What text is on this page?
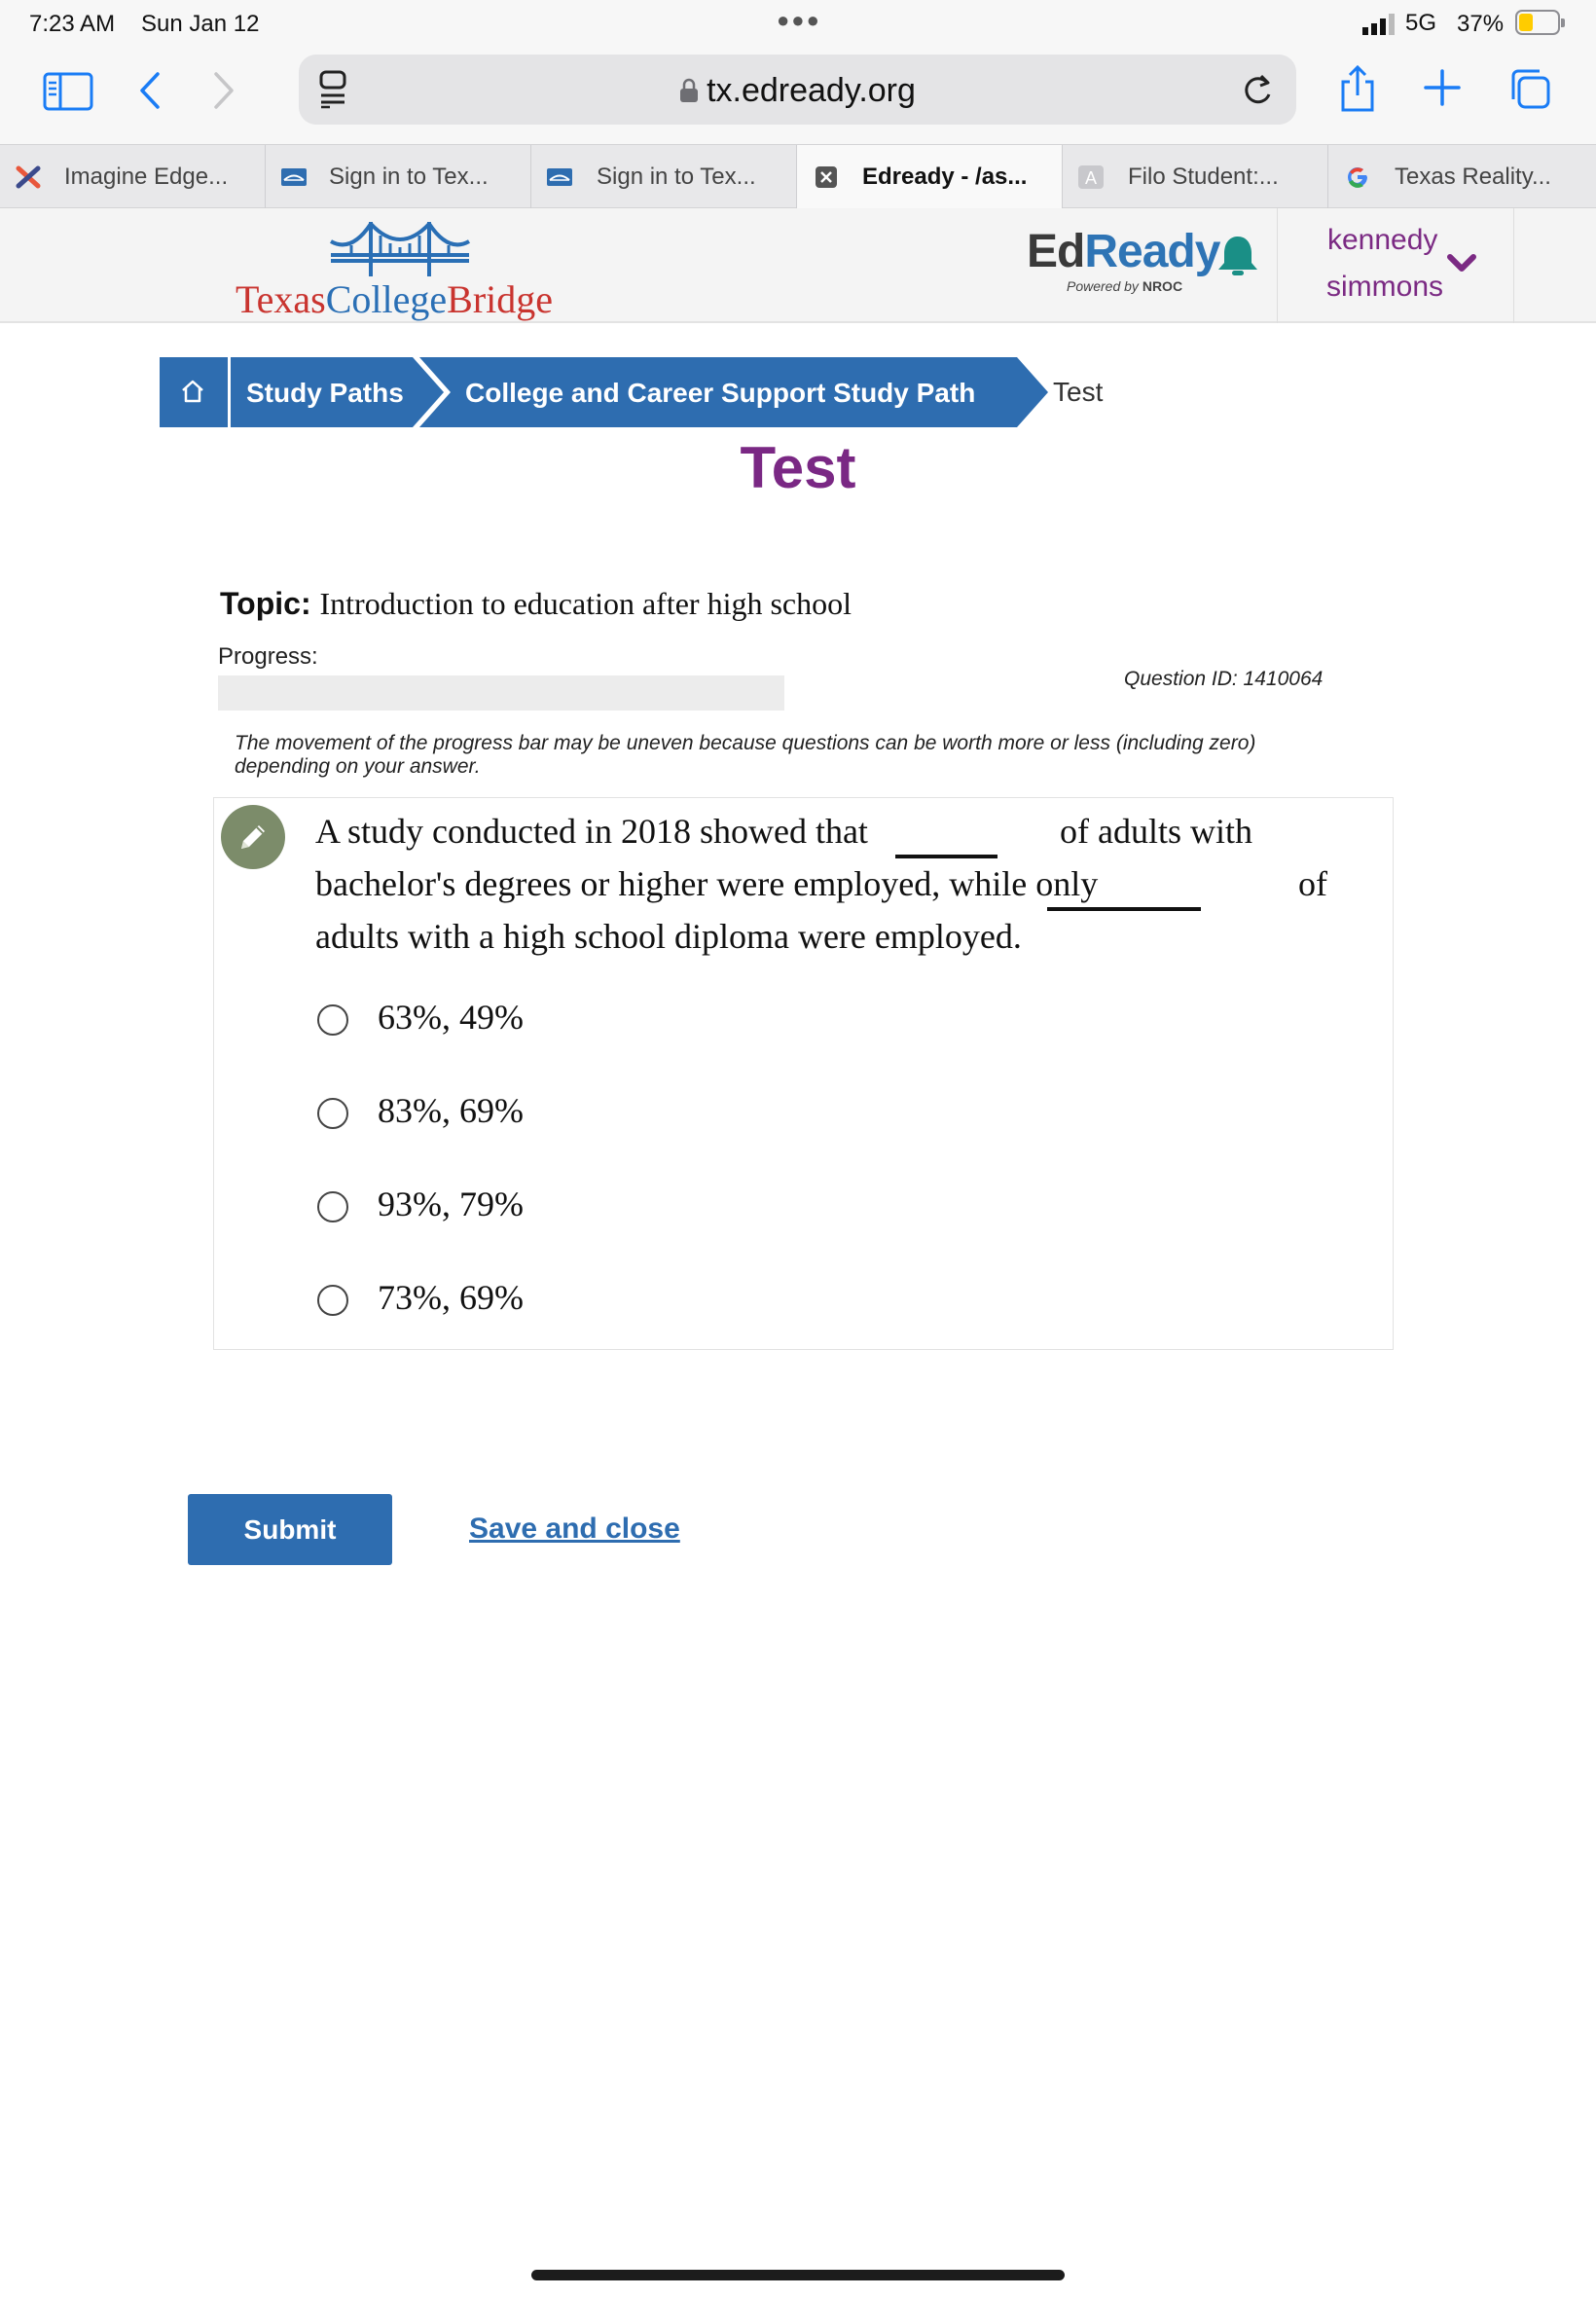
7:23 AM Sun Jan 12	●●●	5G 37%
tx.edready.org
Imagine Edge...	Sign in to Tex...	Sign in to Tex...	Edready - /as...	A Filo Student:...	Texas Reality...
TexasCollegeBridge
EdReady
Powered by NROC
kennedy
simmons
Study Paths College and Career Support Study Path	Test
Test
Topic: Introduction to education after high school
Progress:
Question ID: 1410064
The movement of the progress bar may be uneven because questions can be worth more or less (including zero) depending on your answer.
A study conducted in 2018 showed that	of adults with
bachelor's degrees or higher were employed, while only	of
adults with a high school diploma were employed.
63%, 49%
83%, 69%
93%, 79%
73%, 69%
Submit	Save and close
